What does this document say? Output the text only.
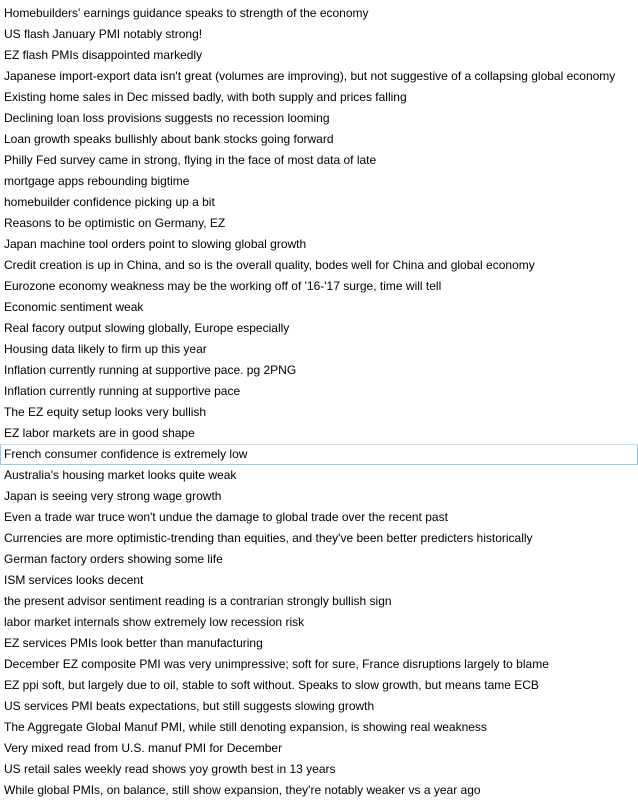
Homebuilders' earnings guidance speaks to strength of the economy
US flash January PMI notably strong!
EZ flash PMIs disappointed markedly
Japanese import-export data isn't great (volumes are improving), but not suggestive of a collapsing global economy
Existing home sales in Dec missed badly, with both supply and prices falling
Declining loan loss provisions suggests no recession looming
Loan growth speaks bullishly about bank stocks going forward
Philly Fed survey came in strong, flying in the face of most data of late
mortgage apps rebounding bigtime
homebuilder confidence picking up a bit
Reasons to be optimistic on Germany, EZ
Japan machine tool orders point to slowing global growth
Credit creation is up in China, and so is the overall quality, bodes well for China and global economy
Eurozone economy weakness may be the working off of '16-'17 surge, time will tell
Economic sentiment weak
Real facory output slowing globally, Europe especially
Housing data likely to firm up this year
Inflation currently running at supportive pace. pg 2PNG
Inflation currently running at supportive pace
The EZ equity setup looks very bullish
EZ labor markets are in good shape
French consumer confidence is extremely low
Australia's housing market looks quite weak
Japan is seeing very strong wage growth
Even a trade war truce won't undue the damage to global trade over the recent past
Currencies are more optimistic-trending than equities, and they've been better predicters historically
German factory orders showing some life
ISM services looks decent
the present advisor sentiment reading is a contrarian strongly bullish sign
labor market internals show extremely low recession risk
EZ services PMIs look better than manufacturing
December EZ composite PMI was very unimpressive; soft for sure, France disruptions largely to blame
EZ ppi soft, but largely due to oil, stable to soft without. Speaks to slow growth, but means tame ECB
US services PMI beats expectations, but still suggests slowing growth
The Aggregate Global Manuf PMI, while still denoting expansion, is showing real weakness
Very mixed read from U.S. manuf PMI for December
US retail sales weekly read shows yoy growth best in 13 years
While global PMIs, on balance, still show expansion, they're notably weaker vs a year ago
